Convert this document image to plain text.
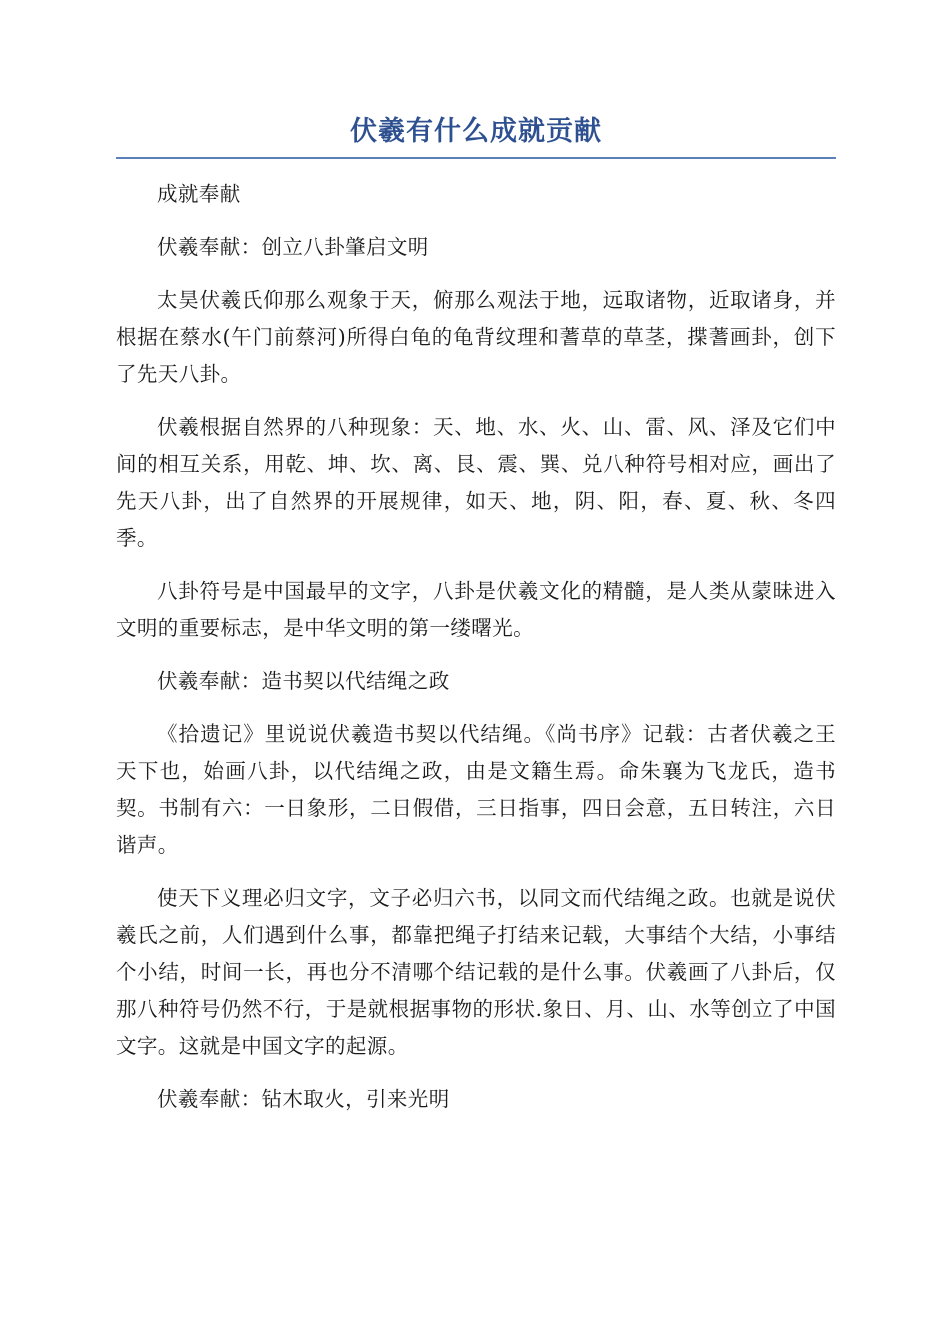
伏羲有什么成就贡献

成就奉献

伏羲奉献：创立八卦肇启文明

太昊伏羲氏仰那么观象于天，俯那么观法于地，远取诸物，近取诸身，并根据在蔡水(午门前蔡河)所得白龟的龟背纹理和蓍草的草茎，揲蓍画卦，创下了先天八卦。

伏羲根据自然界的八种现象：天、地、水、火、山、雷、风、泽及它们中间的相互关系，用乾、坤、坎、离、艮、震、巽、兑八种符号相对应，画出了先天八卦，出了自然界的开展规律，如天、地，阴、阳，春、夏、秋、冬四季。

八卦符号是中国最早的文字，八卦是伏羲文化的精髓，是人类从蒙昧进入文明的重要标志，是中华文明的第一缕曙光。

伏羲奉献：造书契以代结绳之政

《拾遗记》里说说伏羲造书契以代结绳。《尚书序》记载：古者伏羲之王天下也，始画八卦，以代结绳之政，由是文籍生焉。命朱襄为飞龙氏，造书契。书制有六：一日象形，二日假借，三日指事，四日会意，五日转注，六日谐声。

使天下义理必归文字，文子必归六书，以同文而代结绳之政。也就是说伏羲氏之前，人们遇到什么事，都靠把绳子打结来记载，大事结个大结，小事结个小结，时间一长，再也分不清哪个结记载的是什么事。伏羲画了八卦后，仅那八种符号仍然不行，于是就根据事物的形状.象日、月、山、水等创立了中国文字。这就是中国文字的起源。

伏羲奉献：钻木取火，引来光明
